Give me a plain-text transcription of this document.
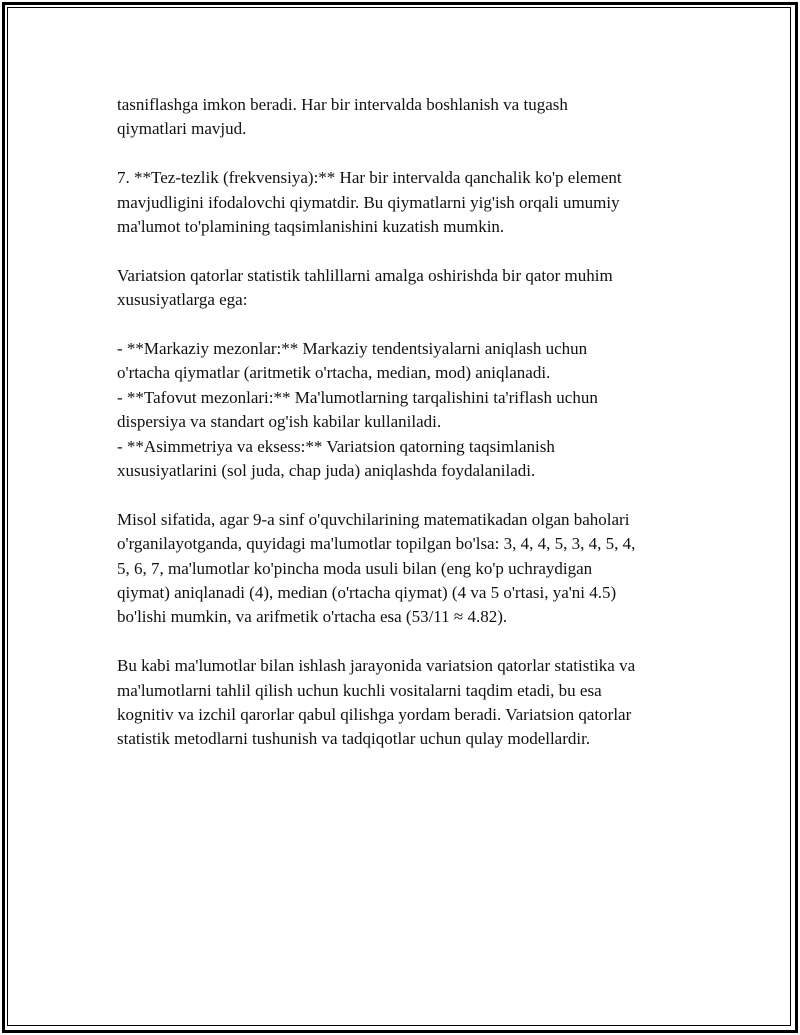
tasniflashga imkon beradi. Har bir intervalda boshlanish va tugash
qiymatlari mavjud.

7. **Tez-tezlik (frekvensiya):** Har bir intervalda qanchalik ko'p element
mavjudligini ifodalovchi qiymatdir. Bu qiymatlarni yig'ish orqali umumiy
ma'lumot to'plamining taqsimlanishini kuzatish mumkin.

Variatsion qatorlar statistik tahlillarni amalga oshirishda bir qator muhim
xususiyatlarga ega:

- **Markaziy mezonlar:** Markaziy tendentsiyalarni aniqlash uchun
o'rtacha qiymatlar (aritmetik o'rtacha, median, mod) aniqlanadi.
- **Tafovut mezonlari:** Ma'lumotlarning tarqalishini ta'riflash uchun
dispersiya va standart og'ish kabilar kullaniladi.
- **Asimmetriya va eksess:** Variatsion qatorning taqsimlanish
xususiyatlarini (sol juda, chap juda) aniqlashda foydalaniladi.

Misol sifatida, agar 9-a sinf o'quvchilarining matematikadan olgan baholari
o'rganilayotganda, quyidagi ma'lumotlar topilgan bo'lsa: 3, 4, 4, 5, 3, 4, 5, 4,
5, 6, 7, ma'lumotlar ko'pincha moda usuli bilan (eng ko'p uchraydigan
qiymat) aniqlanadi (4), median (o'rtacha qiymat) (4 va 5 o'rtasi, ya'ni 4.5)
bo'lishi mumkin, va arifmetik o'rtacha esa (53/11 ≈ 4.82).

Bu kabi ma'lumotlar bilan ishlash jarayonida variatsion qatorlar statistika va
ma'lumotlarni tahlil qilish uchun kuchli vositalarni taqdim etadi, bu esa
kognitiv va izchil qarorlar qabul qilishga yordam beradi. Variatsion qatorlar
statistik metodlarni tushunish va tadqiqotlar uchun qulay modellardir.
